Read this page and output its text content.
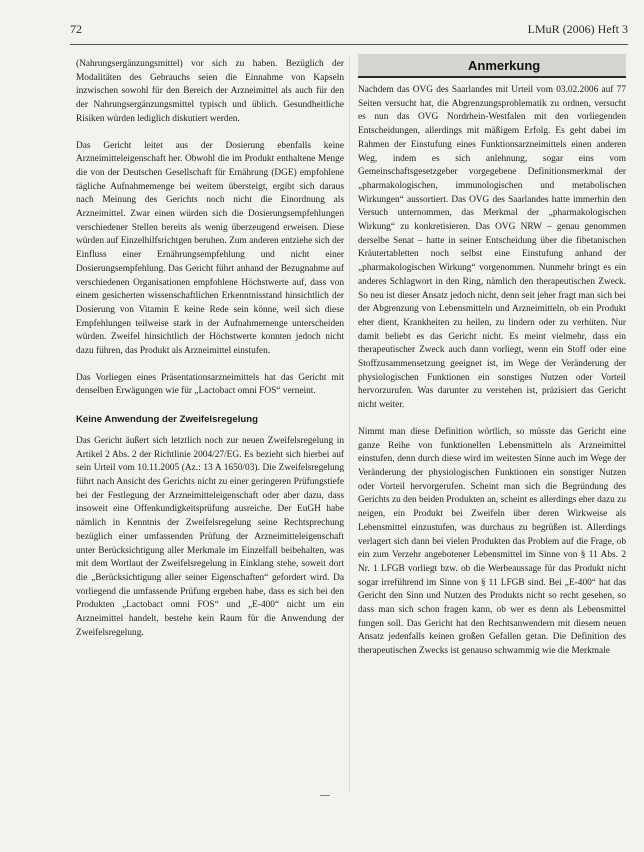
72	LMuR (2006) Heft 3

(Nahrungsergänzungsmittel) vor sich zu haben. Bezüglich der Modalitäten des Gebrauchs seien die Einnahme von Kapseln inzwischen sowohl für den Bereich der Arzneimittel als auch für den der Nahrungsergänzungsmittel typisch und üblich. Gesundheitliche Risiken würden lediglich diskutiert werden.

Das Gericht leitet aus der Dosierung ebenfalls keine Arzneimitteleigenschaft her. Obwohl die im Produkt enthaltene Menge die von der Deutschen Gesellschaft für Ernährung (DGE) empfohlene tägliche Aufnahmemenge bei weitem übersteigt, ergibt sich daraus nach Meinung des Gerichts noch nicht die Einordnung als Arzneimittel. Zwar einen würden sich die Dosierungsempfehlungen verschiedener Stellen bereits als wenig überzeugend erweisen. Diese würden auf Einzelhilfsrichtgen beruhen. Zum anderen entziehe sich der Einfluss einer Ernährungsempfehlung und nicht einer Dosierungsempfehlung. Das Gericht führt anhand der Bezugnahme auf verschiedenen Organisationen empfohlene Höchstwerte auf, dass von einem gesicherten wissenschaftlichen Erkenntnisstand hinsichtlich der Dosierung von Vitamin E keine Rede sein könne, weil sich diese Empfehlungen teilweise stark in der Aufnahmemenge unterscheiden würden. Zweifel hinsichtlich der Höchstwerte konnten jedoch nicht dazu führen, das Produkt als Arzneimittel einstufen.

Das Vorliegen eines Präsentationsarzneimittels hat das Gericht mit denselben Erwägungen wie für „Lactobact omni FOS“ verneint.

Keine Anwendung der Zweifelsregelung

Das Gericht äußert sich letztlich noch zur neuen Zweifelsregelung in Artikel 2 Abs. 2 der Richtlinie 2004/27/EG. Es bezieht sich hierbei auf sein Urteil vom 10.11.2005 (Az.: 13 A 1650/03). Die Zweifelsregelung führt nach Ansicht des Gerichts nicht zu einer geringeren Prüfungstiefe bei der Festlegung der Arzneimitteleigenschaft oder aber dazu, dass insoweit eine Offenkundigkeitsprüfung ausreiche. Der EuGH habe nämlich in Kenntnis der Zweifelsregelung seine Rechtsprechung bezüglich einer umfassenden Prüfung der Arzneimitteleigenschaft unter Berücksichtigung aller Merkmale im Einzelfall beibehalten, was mit dem Wortlaut der Zweifelsregelung in Einklang stehe, soweit dort die „Berücksichtigung aller seiner Eigenschaften“ gefordert wird. Da vorliegend die umfassende Prüfung ergeben habe, dass es sich bei den Produkten „Lactobact omni FOS“ und „E-400“ nicht um ein Arzneimittel handelt, bestehe kein Raum für die Anwendung der Zweifelsregelung.

Anmerkung

Nachdem das OVG des Saarlandes mit Urteil vom 03.02.2006 auf 77 Seiten versucht hat, die Abgrenzungsproblematik zu ordnen, versucht es nun das OVG Nordrhein-Westfalen mit den vorliegenden Entscheidungen, allerdings mit mäßigem Erfolg. Es geht dabei im Rahmen der Einstufung eines Funktionsarzneimittels einen anderen Weg, indem es sich anlehnung, sogar eins vom Gemeinschaftsgesetzgeber vorgegebene Definitionsmerkmal der „pharmakologischen, immunologischen und metabolischen Wirkungen“ aussortiert. Das OVG des Saarlandes hatte immerhin den Versuch unternommen, das Merkmal der „pharmakologischen Wirkung“ zu konkretisieren. Das OVG NRW – genau genommen derselbe Senat – hatte in seiner Entscheidung über die fibetanischen Kräutertabletten noch selbst eine Einstufung anhand der „pharmakologischen Wirkung“ vorgenommen. Nunmehr bringt es ein anderes Schlagwort in den Ring, nämlich den therapeutischen Zweck. So neu ist dieser Ansatz jedoch nicht, denn seit jeher fragt man sich bei der Abgrenzung von Lebensmitteln und Arzneimitteln, ob ein Produkt eher dient, Krankheiten zu heilen, zu lindern oder zu verhüten. Nur damit beliebt es das Gericht nicht. Es meint vielmehr, dass ein therapeutischer Zweck auch dann vorliegt, wenn ein Stoff oder eine Stoffzusammensetzung geeignet ist, im Wege der Veränderung der physiologischen Funktionen ein sonstiges Nutzen oder Vorteil hervorzurufen. Was darunter zu verstehen ist, präzisiert das Gericht nicht weiter.

Nimmt man diese Definition wörtlich, so müsste das Gericht eine ganze Reihe von funktionellen Lebensmitteln als Arzneimittel einstufen, denn durch diese wird im weitesten Sinne auch im Wege der Veränderung der physiologischen Funktionen ein sonstiger Nutzen oder Vorteil hervorgerufen. Scheint man sich die Begründung des Gerichts zu den beiden Produkten an, scheint es allerdings eher dazu zu neigen, ein Produkt bei Zweifeln über deren Wirkweise als Lebensmittel einzustufen, was durchaus zu begrüßen ist. Allerdings verlagert sich dann bei vielen Produkten das Problem auf die Frage, ob ein zum Verzehr angebotener Lebensmittel im Sinne von § 11 Abs. 2 Nr. 1 LFGB vorliegt bzw. ob die Werbeaussage für das Produkt nicht sogar irreführend im Sinne von § 11 LFGB sind. Bei „E-400“ hat das Gericht den Sinn und Nutzen des Produkts nicht so recht gesehen, so dass man sich schon fragen kann, ob wer es denn als Lebensmittel fungen soll. Das Gericht hat den Rechtsanwendern mit diesem neuen Ansatz jedenfalls keinen großen Gefallen getan. Die Definition des therapeutischen Zwecks ist genauso schwammig wie die Merkmale

—
